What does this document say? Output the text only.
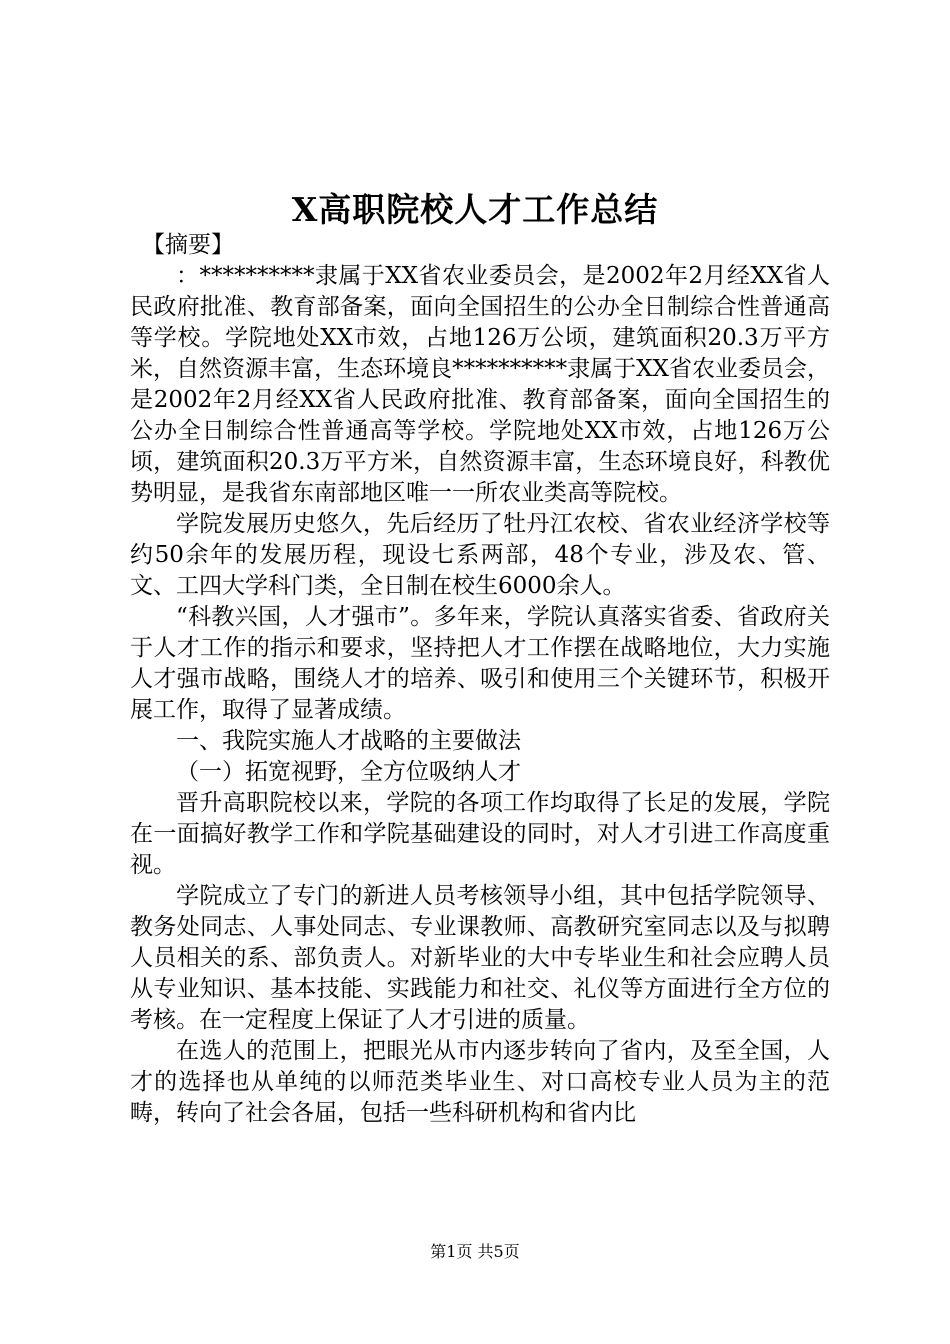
X高职院校人才工作总结

【摘要】

：**********隶属于XX省农业委员会，是2002年2月经XX省人民政府批准、教育部备案，面向全国招生的公办全日制综合性普通高等学校。学院地处XX市效，占地126万公顷，建筑面积20.3万平方米，自然资源丰富，生态环境良**********隶属于XX省农业委员会，是2002年2月经XX省人民政府批准、教育部备案，面向全国招生的公办全日制综合性普通高等学校。学院地处XX市效，占地126万公顷，建筑面积20.3万平方米，自然资源丰富，生态环境良好，科教优势明显，是我省东南部地区唯一一所农业类高等院校。

学院发展历史悠久，先后经历了牡丹江农校、省农业经济学校等约50余年的发展历程，现设七系两部，48个专业，涉及农、管、文、工四大学科门类，全日制在校生6000余人。

“科教兴国，人才强市”。多年来，学院认真落实省委、省政府关于人才工作的指示和要求，坚持把人才工作摆在战略地位，大力实施人才强市战略，围绕人才的培养、吸引和使用三个关键环节，积极开展工作，取得了显著成绩。

一、我院实施人才战略的主要做法

（一）拓宽视野，全方位吸纳人才

晋升高职院校以来，学院的各项工作均取得了长足的发展，学院在一面搞好教学工作和学院基础建设的同时，对人才引进工作高度重视。

学院成立了专门的新进人员考核领导小组，其中包括学院领导、教务处同志、人事处同志、专业课教师、高教研究室同志以及与拟聘人员相关的系、部负责人。对新毕业的大中专毕业生和社会应聘人员从专业知识、基本技能、实践能力和社交、礼仪等方面进行全方位的考核。在一定程度上保证了人才引进的质量。

在选人的范围上，把眼光从市内逐步转向了省内，及至全国，人才的选择也从单纯的以师范类毕业生、对口高校专业人员为主的范畴，转向了社会各届，包括一些科研机构和省内比

第1页 共5页
